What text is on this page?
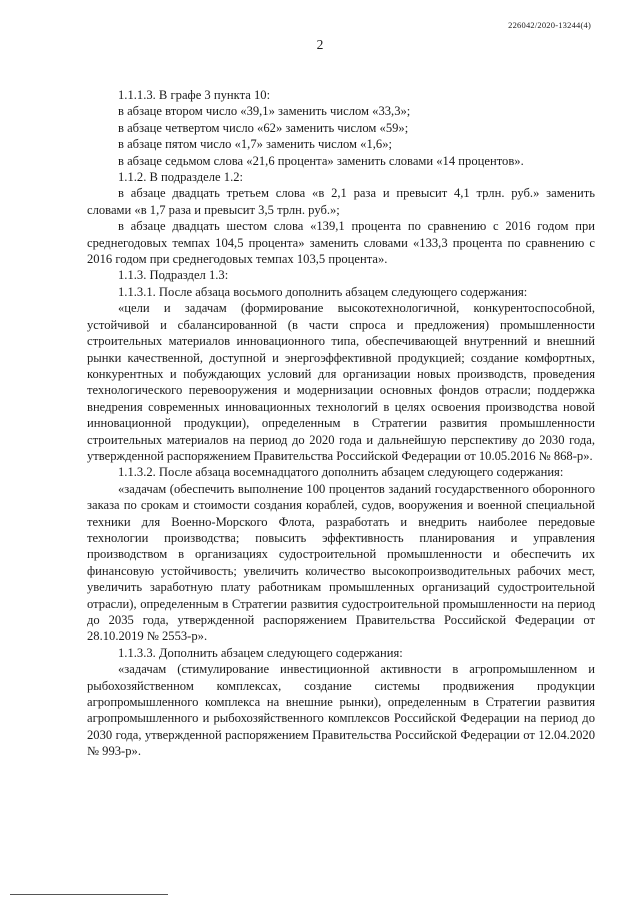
226042/2020-13244(4)
2

1.1.1.3. В графе 3 пункта 10:

в абзаце втором число «39,1» заменить числом «33,3»;

в абзаце четвертом число «62» заменить числом «59»;

в абзаце пятом число «1,7» заменить числом «1,6»;

в абзаце седьмом слова «21,6 процента» заменить словами «14 процентов».

1.1.2. В подразделе 1.2:

в абзаце двадцать третьем слова «в 2,1 раза и превысит 4,1 трлн. руб.» заменить словами «в 1,7 раза и превысит 3,5 трлн. руб.»;

в абзаце двадцать шестом слова «139,1 процента по сравнению с 2016 годом при среднегодовых темпах 104,5 процента» заменить словами «133,3 процента по сравнению с 2016 годом при среднегодовых темпах 103,5 процента».

1.1.3. Подраздел 1.3:

1.1.3.1. После абзаца восьмого дополнить абзацем следующего содержания:

«цели и задачам (формирование высокотехнологичной, конкурентоспособной, устойчивой и сбалансированной (в части спроса и предложения) промышленности строительных материалов инновационного типа, обеспечивающей внутренний и внешний рынки качественной, доступной и энергоэффективной продукцией; создание комфортных, конкурентных и побуждающих условий для организации новых производств, проведения технологического перевооружения и модернизации основных фондов отрасли; поддержка внедрения современных инновационных технологий в целях освоения производства новой инновационной продукции), определенным в Стратегии развития промышленности строительных материалов на период до 2020 года и дальнейшую перспективу до 2030 года, утвержденной распоряжением Правительства Российской Федерации от 10.05.2016 № 868-р».

1.1.3.2. После абзаца восемнадцатого дополнить абзацем следующего содержания:

«задачам (обеспечить выполнение 100 процентов заданий государственного оборонного заказа по срокам и стоимости создания кораблей, судов, вооружения и военной специальной техники для Военно-Морского Флота, разработать и внедрить наиболее передовые технологии производства; повысить эффективность планирования и управления производством в организациях судостроительной промышленности и обеспечить их финансовую устойчивость; увеличить количество высокопроизводительных рабочих мест, увеличить заработную плату работникам промышленных организаций судостроительной отрасли), определенным в Стратегии развития судостроительной промышленности на период до 2035 года, утвержденной распоряжением Правительства Российской Федерации от 28.10.2019 № 2553-р».

1.1.3.3. Дополнить абзацем следующего содержания:

«задачам (стимулирование инвестиционной активности в агропромышленном и рыбохозяйственном комплексах, создание системы продвижения продукции агропромышленного комплекса на внешние рынки), определенным в Стратегии развития агропромышленного и рыбохозяйственного комплексов Российской Федерации на период до 2030 года, утвержденной распоряжением Правительства Российской Федерации от 12.04.2020 № 993-р».
